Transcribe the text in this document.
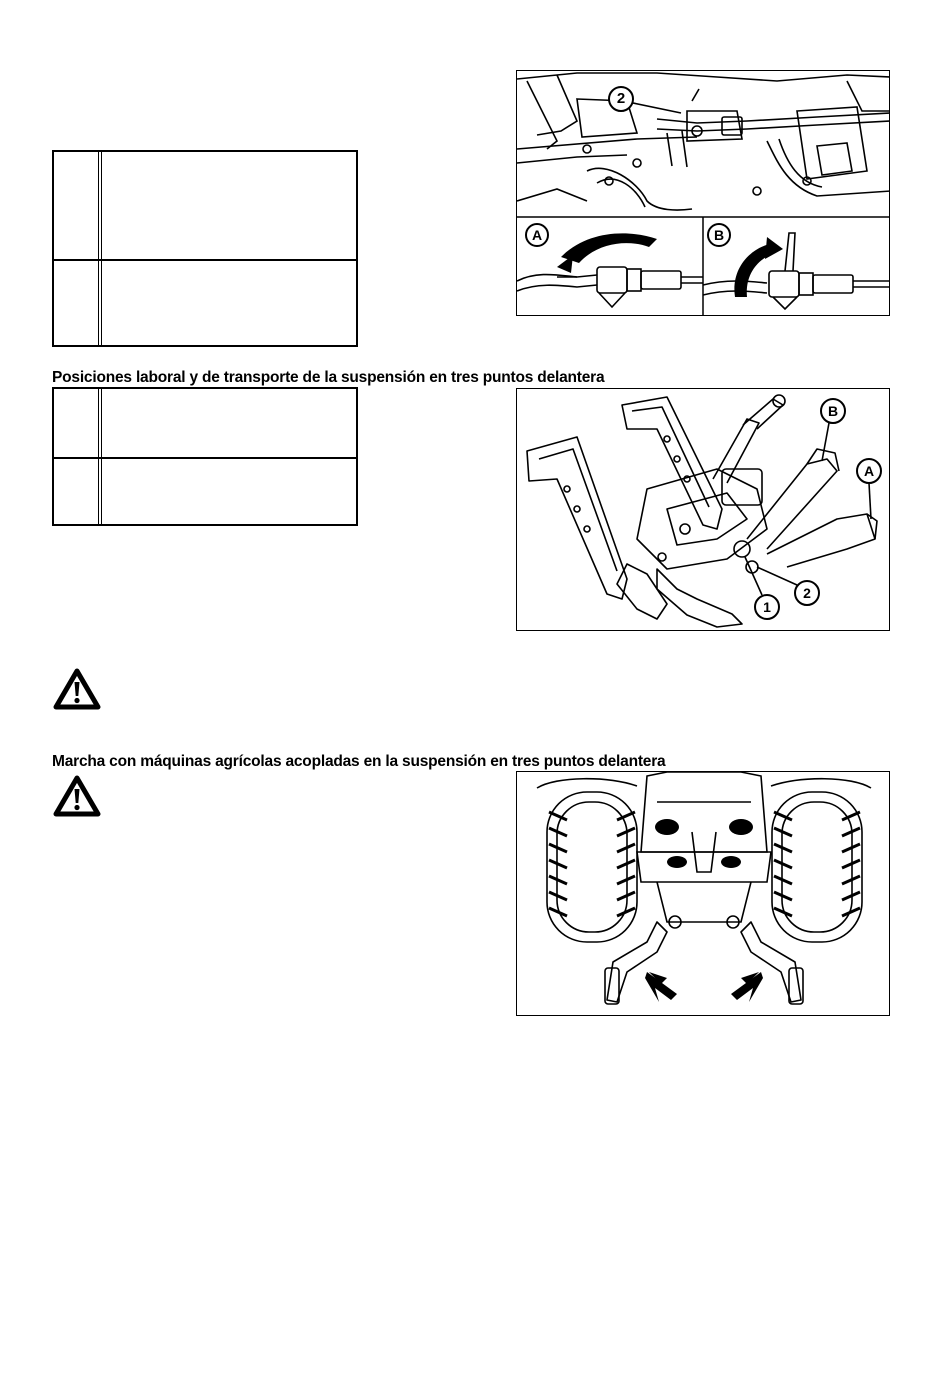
2
A	B
Posiciones laboral y de transporte de la suspensión en tres puntos delantera
B
A
1
2
Marcha con máquinas agrícolas acopladas en la suspensión en tres puntos delantera
